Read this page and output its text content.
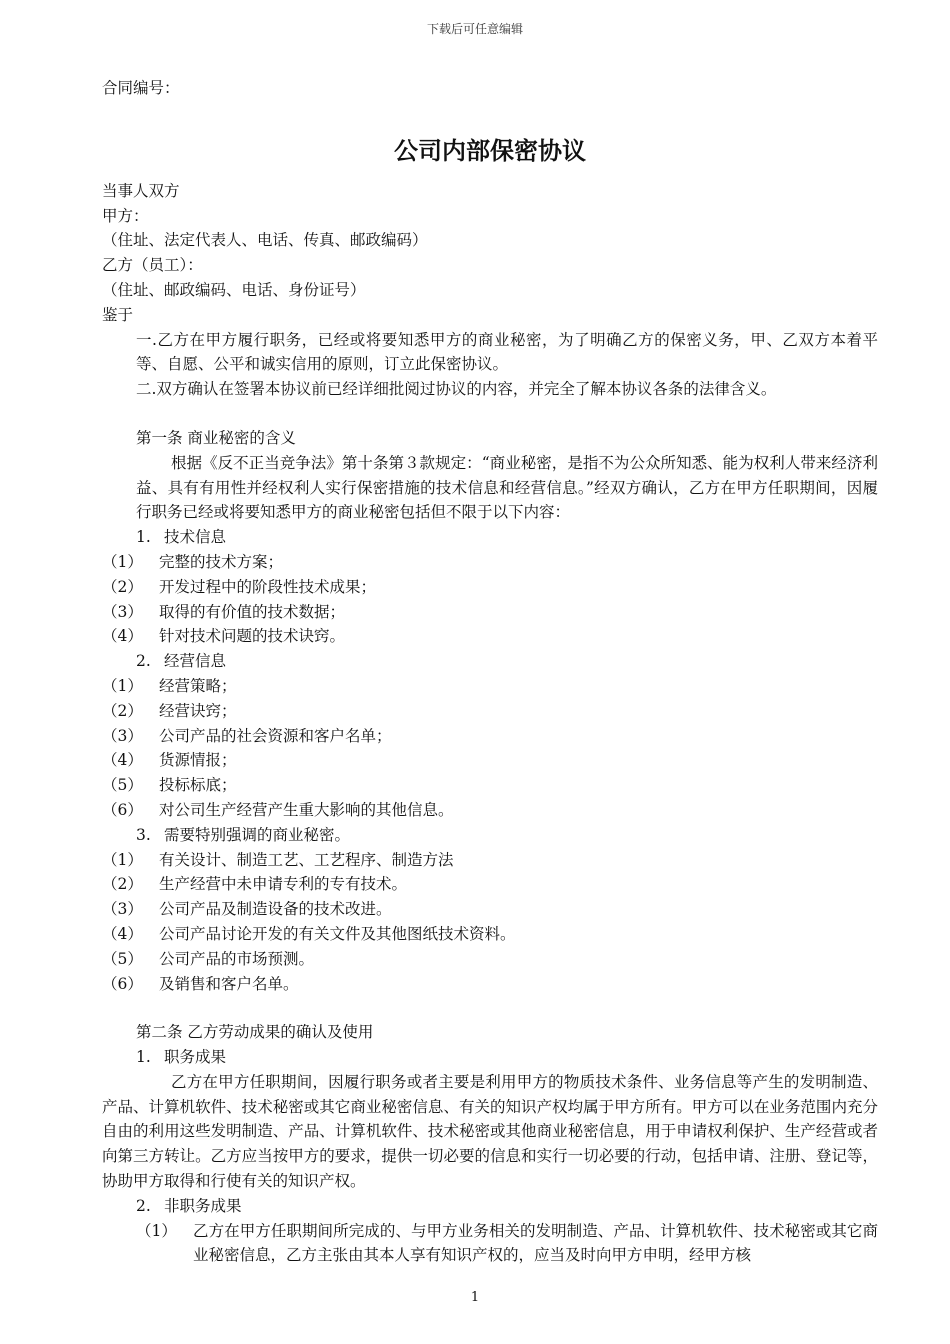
下载后可任意编辑

合同编号：

公司内部保密协议

当事人双方

甲方：

（住址、法定代表人、电话、传真、邮政编码）

乙方（员工）：

（住址、邮政编码、电话、身份证号）

鉴于

一.乙方在甲方履行职务，已经或将要知悉甲方的商业秘密，为了明确乙方的保密义务，甲、乙双方本着平等、自愿、公平和诚实信用的原则，订立此保密协议。

二.双方确认在签署本协议前已经详细批阅过协议的内容，并完全了解本协议各条的法律含义。

第一条 商业秘密的含义

根据《反不正当竞争法》第十条第３款规定：“商业秘密，是指不为公众所知悉、能为权利人带来经济利益、具有有用性并经权利人实行保密措施的技术信息和经营信息。”经双方确认，乙方在甲方任职期间，因履行职务已经或将要知悉甲方的商业秘密包括但不限于以下内容：

1. 技术信息

（1）	完整的技术方案；

（2）	开发过程中的阶段性技术成果；

（3）	取得的有价值的技术数据；

（4）	针对技术问题的技术诀窍。

2. 经营信息

（1）	经营策略；

（2）	经营诀窍；

（3）	公司产品的社会资源和客户名单；

（4）	货源情报；

（5）	投标标底；

（6）	对公司生产经营产生重大影响的其他信息。

3. 需要特别强调的商业秘密。

（1）	有关设计、制造工艺、工艺程序、制造方法

（2）	生产经营中未申请专利的专有技术。

（3）	公司产品及制造设备的技术改进。

（4）	公司产品讨论开发的有关文件及其他图纸技术资料。

（5）	公司产品的市场预测。

（6）	及销售和客户名单。

第二条 乙方劳动成果的确认及使用

1. 职务成果

乙方在甲方任职期间，因履行职务或者主要是利用甲方的物质技术条件、业务信息等产生的发明制造、产品、计算机软件、技术秘密或其它商业秘密信息、有关的知识产权均属于甲方所有。甲方可以在业务范围内充分自由的利用这些发明制造、产品、计算机软件、技术秘密或其他商业秘密信息，用于申请权利保护、生产经营或者向第三方转让。乙方应当按甲方的要求，提供一切必要的信息和实行一切必要的行动，包括申请、注册、登记等，协助甲方取得和行使有关的知识产权。

2. 非职务成果

（1）	乙方在甲方任职期间所完成的、与甲方业务相关的发明制造、产品、计算机软件、技术秘密或其它商业秘密信息，乙方主张由其本人享有知识产权的，应当及时向甲方申明，经甲方核

1
